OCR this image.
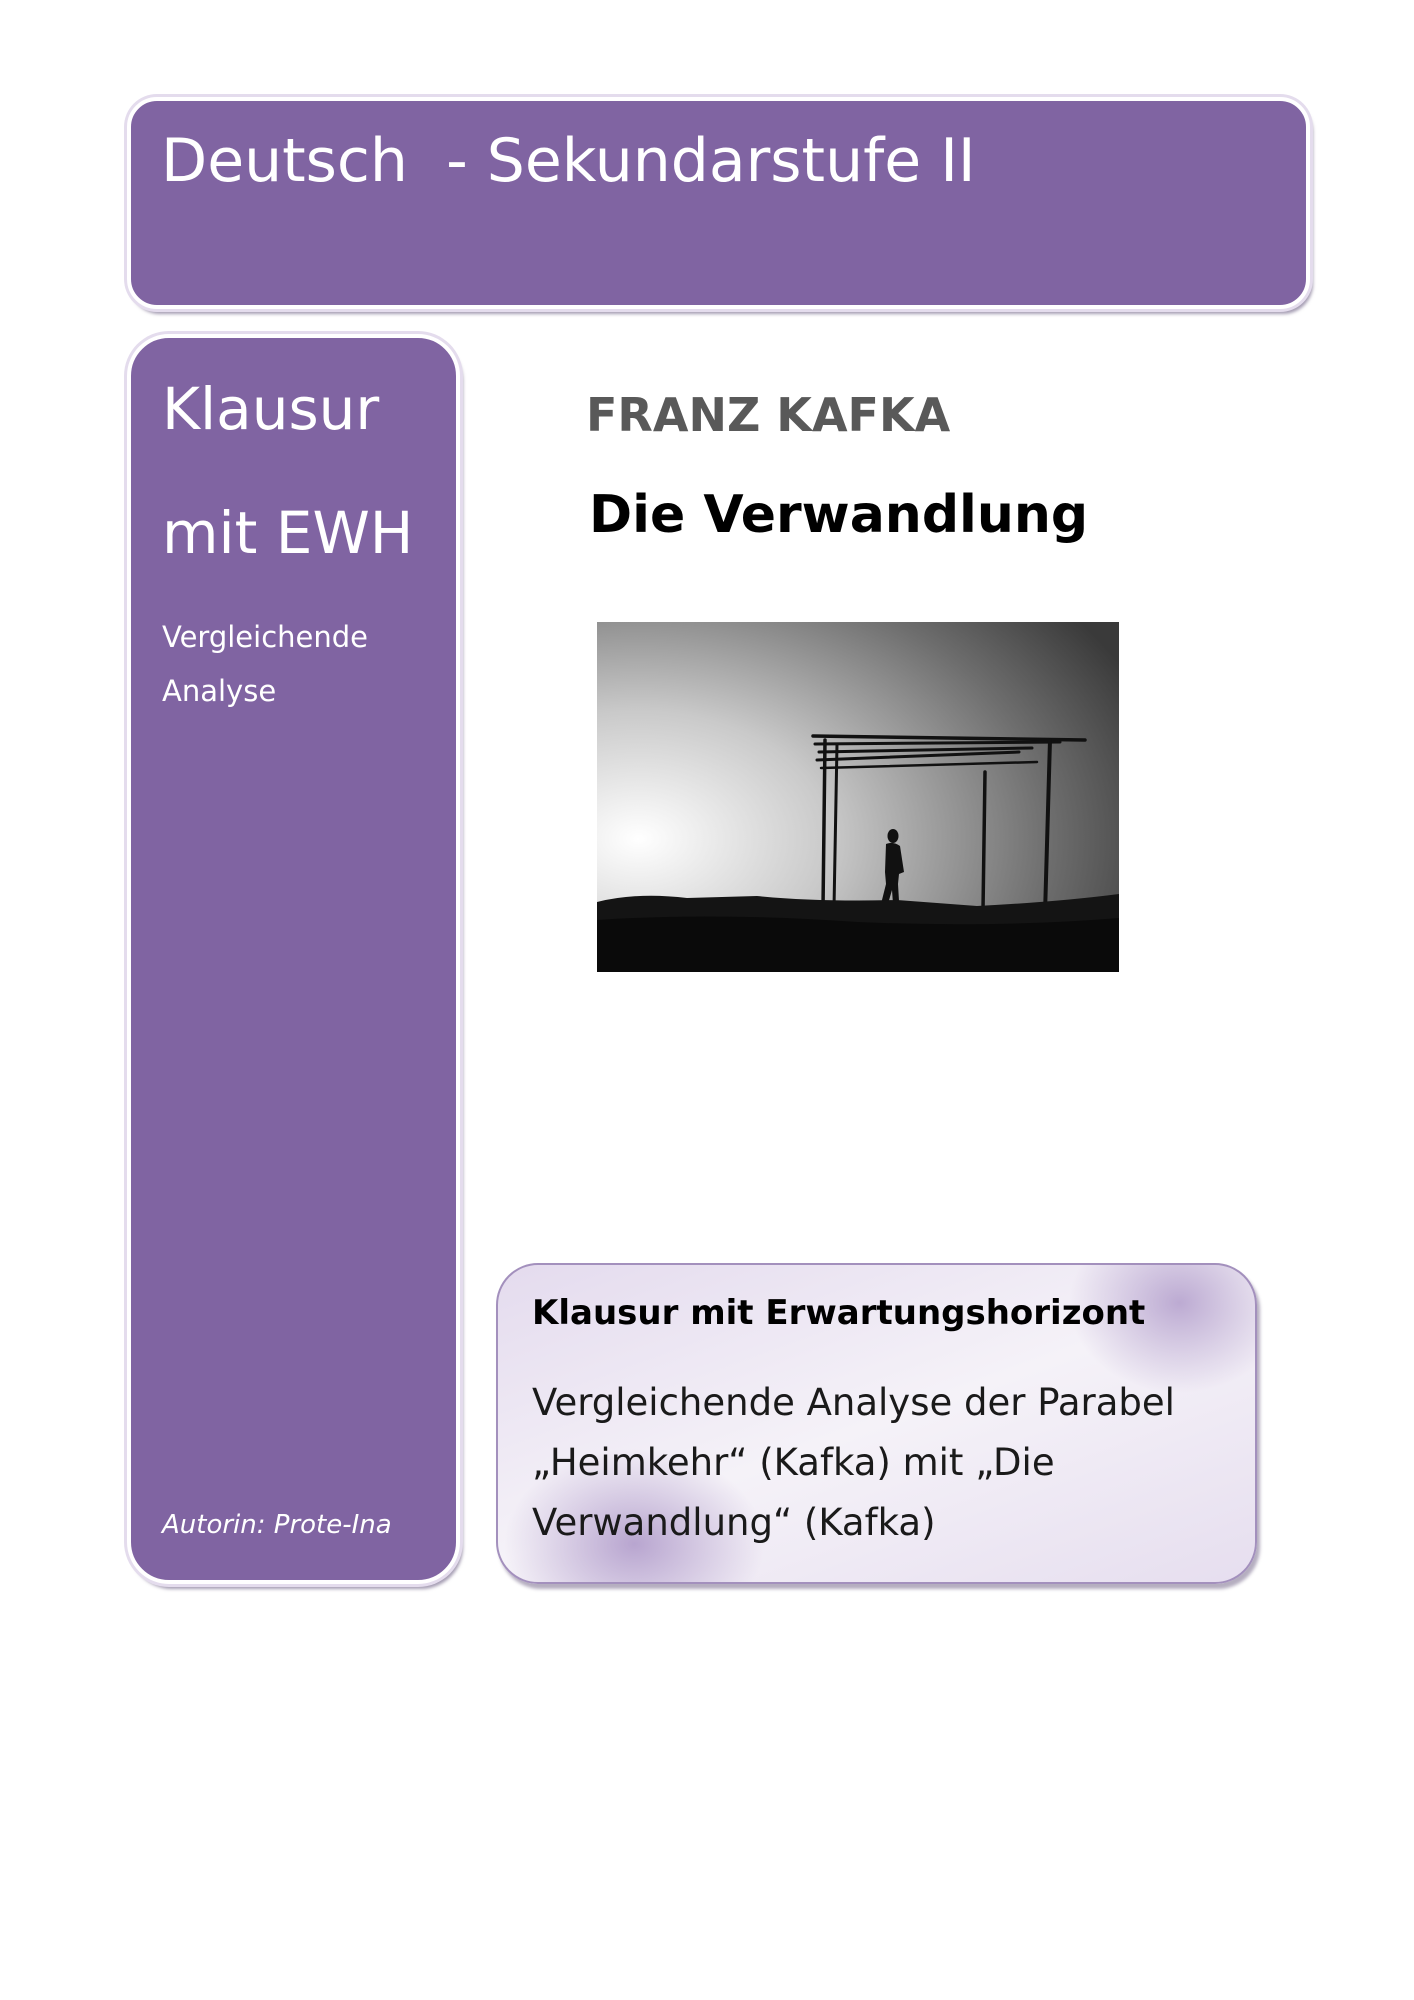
Deutsch  - Sekundarstufe II
Klausur
mit EWH
Vergleichende Analyse
Autorin: Prote-Ina
FRANZ KAFKA
Die Verwandlung
Klausur mit Erwartungshorizont
Vergleichende Analyse der Parabel
„Heimkehr“ (Kafka) mit „Die
Verwandlung“ (Kafka)
